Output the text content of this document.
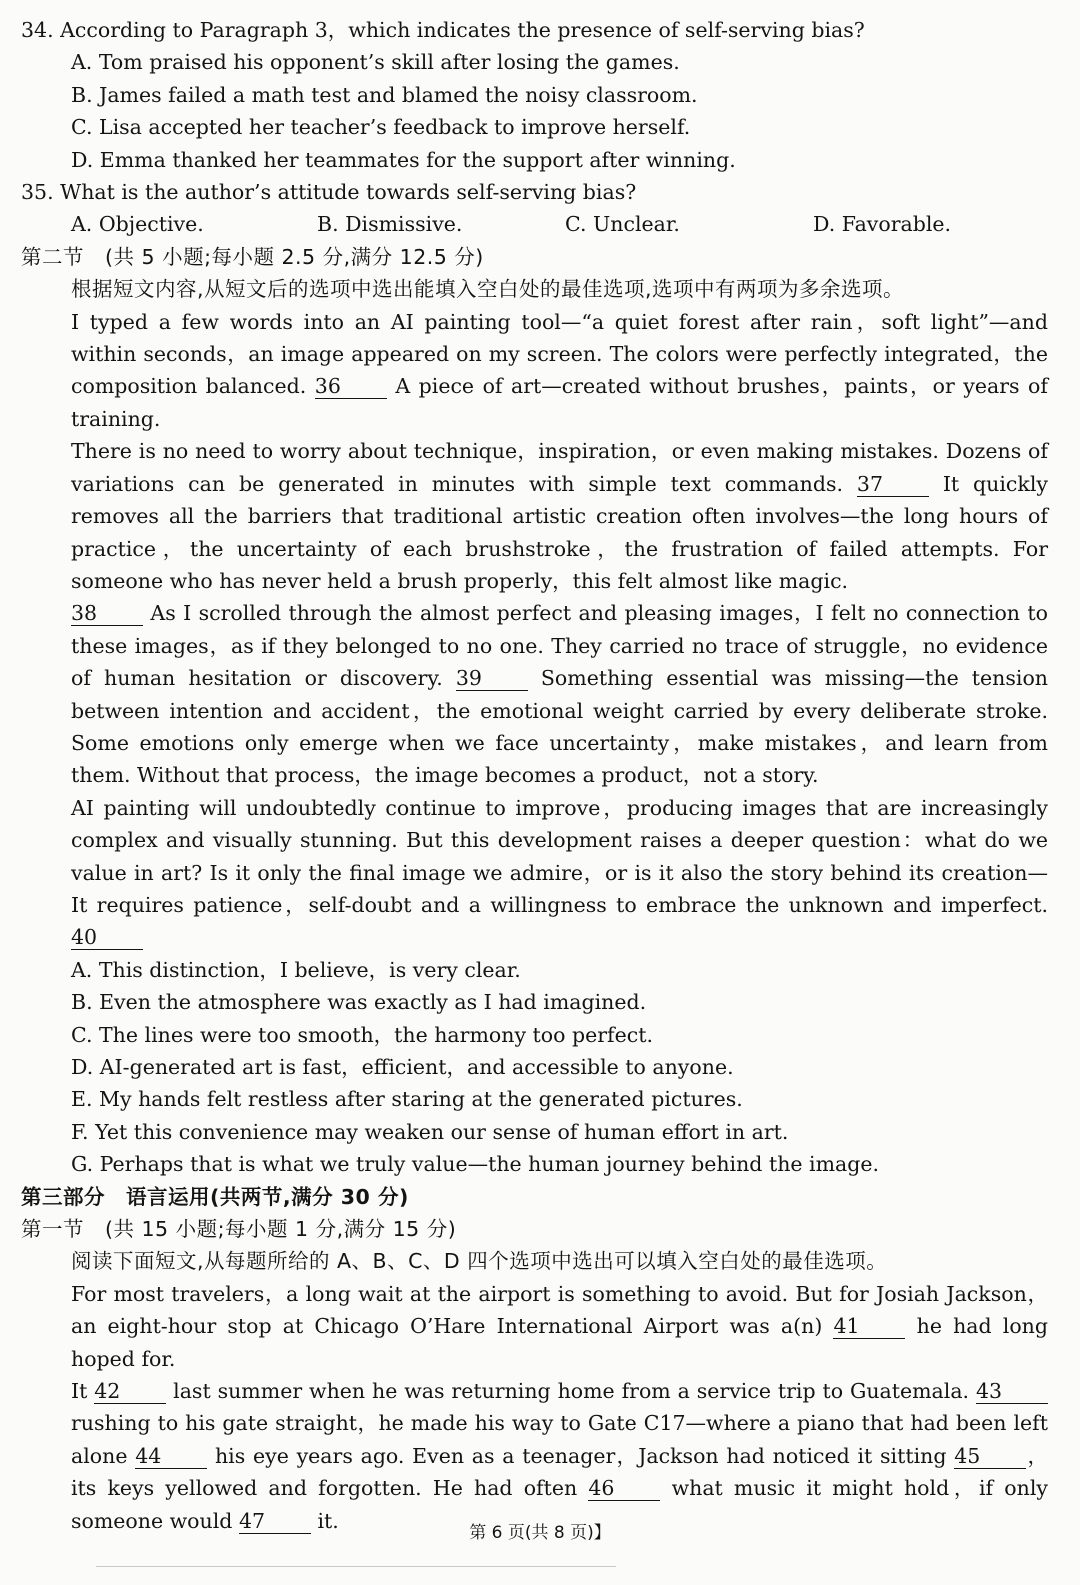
34. According to Paragraph 3，which indicates the presence of self-serving bias?
A. Tom praised his opponent’s skill after losing the games.
B. James failed a math test and blamed the noisy classroom.
C. Lisa accepted her teacher’s feedback to improve herself.
D. Emma thanked her teammates for the support after winning.
35. What is the author’s attitude towards self-serving bias?
A. Objective.	B. Dismissive.	C. Unclear.	D. Favorable.
第二节　(共 5 小题;每小题 2.5 分,满分 12.5 分)
根据短文内容,从短文后的选项中选出能填入空白处的最佳选项,选项中有两项为多余选项。
I typed a few words into an AI painting tool—“a quiet forest after rain，soft light”—and within seconds，an image appeared on my screen. The colors were perfectly integrated，the composition balanced. 36	A piece of art—created without brushes，paints，or years of training.
There is no need to worry about technique，inspiration，or even making mistakes. Dozens of variations can be generated in minutes with simple text commands. 37	It quickly removes all the barriers that traditional artistic creation often involves—the long hours of practice，the uncertainty of each brushstroke，the frustration of failed attempts. For someone who has never held a brush properly，this felt almost like magic.
38	As I scrolled through the almost perfect and pleasing images，I felt no connection to these images，as if they belonged to no one. They carried no trace of struggle，no evidence of human hesitation or discovery. 39	Something essential was missing—the tension between intention and accident，the emotional weight carried by every deliberate stroke. Some emotions only emerge when we face uncertainty，make mistakes，and learn from them. Without that process，the image becomes a product，not a story.
AI painting will undoubtedly continue to improve，producing images that are increasingly complex and visually stunning. But this development raises a deeper question：what do we value in art? Is it only the final image we admire，or is it also the story behind its creation—It requires patience，self-doubt and a willingness to embrace the unknown and imperfect. 40
A. This distinction，I believe，is very clear.
B. Even the atmosphere was exactly as I had imagined.
C. The lines were too smooth，the harmony too perfect.
D. AI-generated art is fast，efficient，and accessible to anyone.
E. My hands felt restless after staring at the generated pictures.
F. Yet this convenience may weaken our sense of human effort in art.
G. Perhaps that is what we truly value—the human journey behind the image.
第三部分　语言运用(共两节,满分 30 分)
第一节　(共 15 小题;每小题 1 分,满分 15 分)
阅读下面短文,从每题所给的 A、B、C、D 四个选项中选出可以填入空白处的最佳选项。
For most travelers，a long wait at the airport is something to avoid. But for Josiah Jackson，an eight-hour stop at Chicago O’Hare International Airport was a(n) 41	he had long hoped for.
It 42	last summer when he was returning home from a service trip to Guatemala. 43 rushing to his gate straight，he made his way to Gate C17—where a piano that had been left alone 44	his eye years ago. Even as a teenager，Jackson had noticed it sitting 45 ，its keys yellowed and forgotten. He had often 46	what music it might hold，if only someone would 47	it.
第 6 页(共 8 页)】
